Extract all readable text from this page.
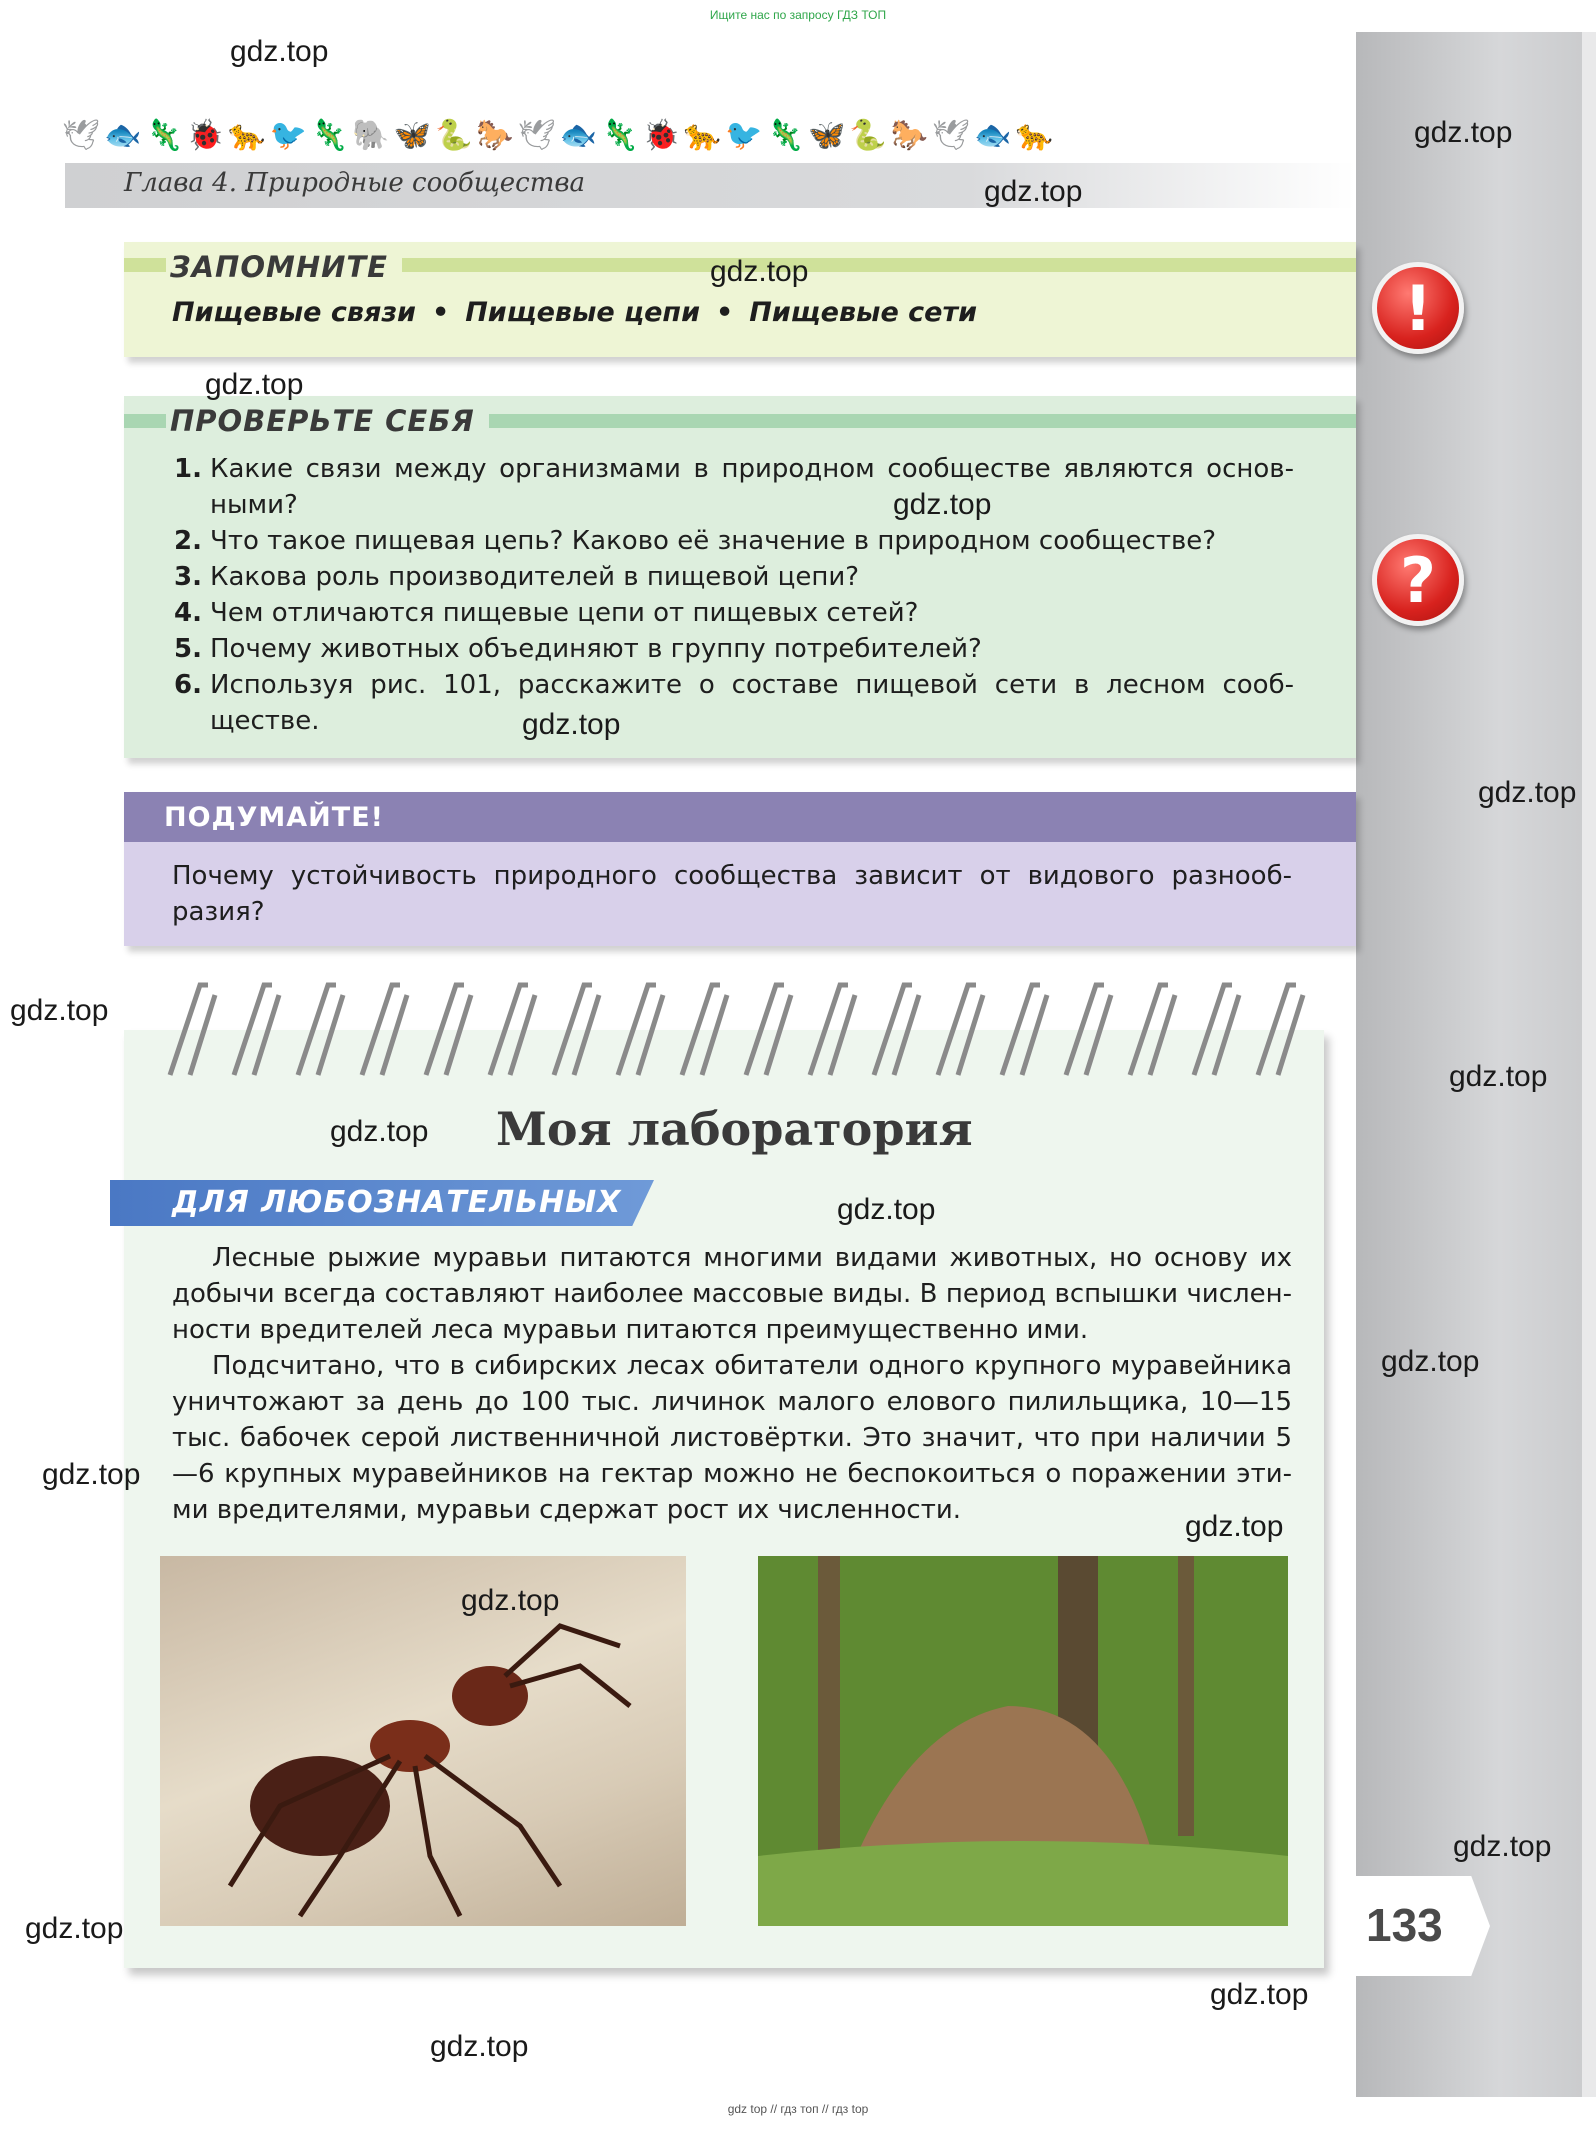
Ищите нас по запросу ГДЗ ТОП
🕊 🐟 🦎 🐞 🐆 🐦 🦎 🐘 🦋 🐍 🐎 🕊 🐟 🦎 🐞 🐆 🐦 🦎 🦋 🐍 🐎 🕊 🐟 🐆
Глава 4. Природные сообщества
ЗАПОМНИТЕ
Пищевые связи • Пищевые цепи • Пищевые сети	!
ПРОВЕРЬТЕ СЕБЯ
1. Какие связи между организмами в природном сообществе являются основ-ными?
2. Что такое пищевая цепь? Каково её значение в природном сообществе?
3. Какова роль производителей в пищевой цепи?
4. Чем отличаются пищевые цепи от пищевых сетей?
5. Почему животных объединяют в группу потребителей?
6. Используя рис. 101, расскажите о составе пищевой сети в лесном сооб-ществе.
?
ПОДУМАЙТЕ!
Почему устойчивость природного сообщества зависит от видового разнооб-разия?
Моя лаборатория
ДЛЯ ЛЮБОЗНАТЕЛЬНЫХ

Лесные рыжие муравьи питаются многими видами животных, но основу их добычи всегда составляют наиболее массовые виды. В период вспышки числен-ности вредителей леса муравьи питаются преимущественно ими.

Подсчитано, что в сибирских лесах обитатели одного крупного муравейника уничтожают за день до 100 тыс. личинок малого елового пилильщика, 10—15 тыс. бабочек серой лиственничной листовёртки. Это значит, что при наличии 5—6 крупных муравейников на гектар можно не беспокоиться о поражении эти-ми вредителями, муравьи сдержат рост их численности.

133
gdz.top
gdz.top
gdz.top
gdz.top
gdz.top
gdz.top
gdz.top
gdz.top
gdz.top
gdz.top
gdz.top
gdz.top
gdz.top
gdz.top
gdz.top
gdz.top
gdz.top
gdz.top
gdz.top
gdz.top
gdz top // гдз топ // гдз top
